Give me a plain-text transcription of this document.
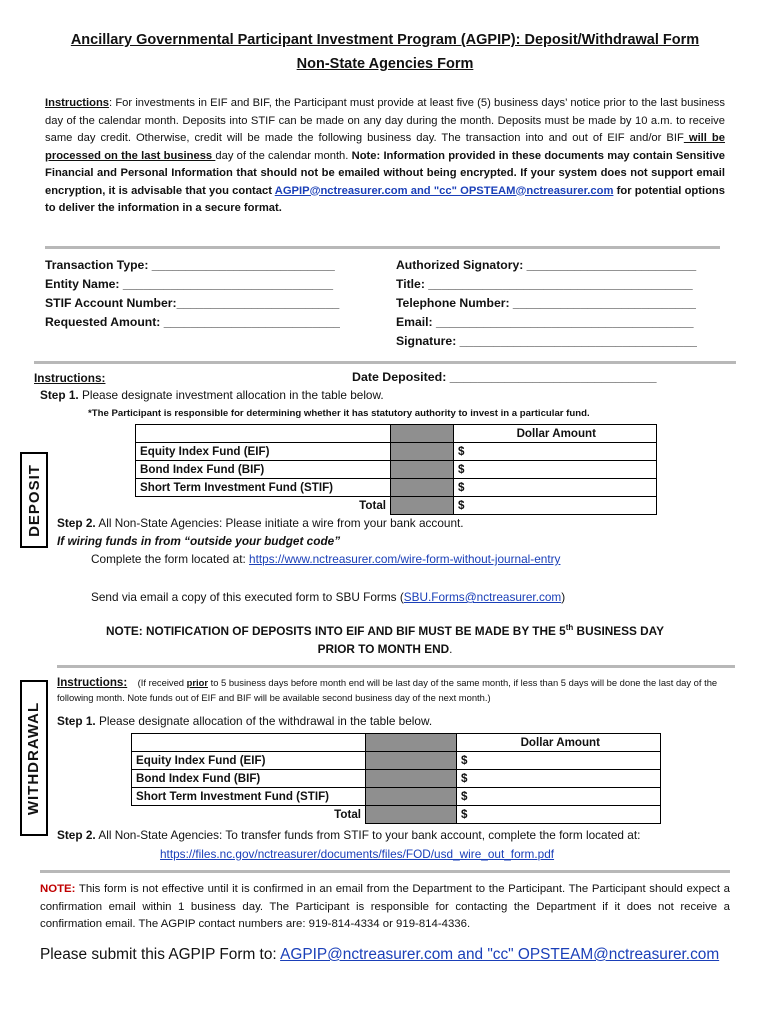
Ancillary Governmental Participant Investment Program (AGPIP): Deposit/Withdrawal Form
Non-State Agencies Form
Instructions: For investments in EIF and BIF, the Participant must provide at least five (5) business days’ notice prior to the last business day of the calendar month. Deposits into STIF can be made on any day during the month. Deposits must be made by 10 a.m. to receive same day credit. Otherwise, credit will be made the following business day. The transaction into and out of EIF and/or BIF will be processed on the last business day of the calendar month. Note: Information provided in these documents may contain Sensitive Financial and Personal Information that should not be emailed without being encrypted. If your system does not support email encryption, it is advisable that you contact AGPIP@nctreasurer.com and "cc" OPSTEAM@nctreasurer.com for potential options to deliver the information in a secure format.
Transaction Type: ___________________________
Entity Name: _______________________________
STIF Account Number:________________________
Requested Amount: __________________________
Authorized Signatory: _________________________
Title: _______________________________________
Telephone Number: ___________________________
Email: ______________________________________
Signature: ___________________________________
DEPOSIT
Instructions:	Date Deposited: ______________________________
Step 1. Please designate investment allocation in the table below.
*The Participant is responsible for determining whether it has statutory authority to invest in a particular fund.
		Dollar Amount
Equity Index Fund (EIF)		$
Bond Index Fund (BIF)		$
Short Term Investment Fund (STIF)		$
Total		$
Step 2. All Non-State Agencies: Please initiate a wire from your bank account.
If wiring funds in from “outside your budget code”
Complete the form located at: https://www.nctreasurer.com/wire-form-without-journal-entry
Send via email a copy of this executed form to SBU Forms (SBU.Forms@nctreasurer.com)
NOTE: NOTIFICATION OF DEPOSITS INTO EIF AND BIF MUST BE MADE BY THE 5th BUSINESS DAY
PRIOR TO MONTH END.
WITHDRAWAL
Instructions: (If received prior to 5 business days before month end will be last day of the same month, if less than 5 days will be done the last day of the following month. Note funds out of EIF and BIF will be available second business day of the next month.)
Step 1. Please designate allocation of the withdrawal in the table below.
		Dollar Amount
Equity Index Fund (EIF)		$
Bond Index Fund (BIF)		$
Short Term Investment Fund (STIF)		$
Total		$
Step 2. All Non-State Agencies: To transfer funds from STIF to your bank account, complete the form located at:
https://files.nc.gov/nctreasurer/documents/files/FOD/usd_wire_out_form.pdf
NOTE: This form is not effective until it is confirmed in an email from the Department to the Participant. The Participant should expect a confirmation email within 1 business day. The Participant is responsible for contacting the Department if it does not receive a confirmation email. The AGPIP contact numbers are: 919-814-4334 or 919-814-4336.
Please submit this AGPIP Form to: AGPIP@nctreasurer.com and "cc" OPSTEAM@nctreasurer.com
